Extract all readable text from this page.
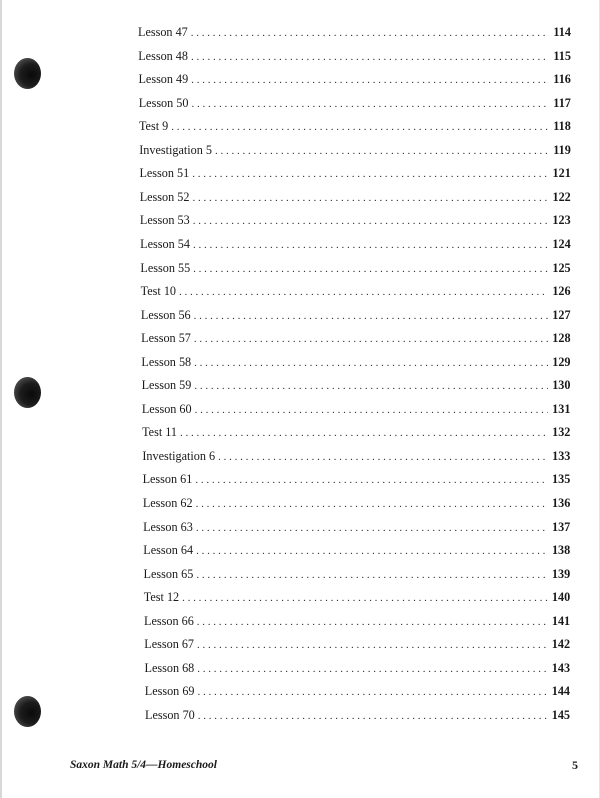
Lesson 47 . . .	114
Lesson 48 . . .	115
Lesson 49 . . .	116
Lesson 50 . . .	117
Test 9 . . .	118
Investigation 5 . . .	119
Lesson 51 . . .	121
Lesson 52 . . .	122
Lesson 53 . . .	123
Lesson 54 . . .	124
Lesson 55 . . .	125
Test 10 . . .	126
Lesson 56 . . .	127
Lesson 57 . . .	128
Lesson 58 . . .	129
Lesson 59 . . .	130
Lesson 60 . . .	131
Test 11 . . .	132
Investigation 6 . . .	133
Lesson 61 . . .	135
Lesson 62 . . .	136
Lesson 63 . . .	137
Lesson 64 . . .	138
Lesson 65 . . .	139
Test 12 . . .	140
Lesson 66 . . .	141
Lesson 67 . . .	142
Lesson 68 . . .	143
Lesson 69 . . .	144
Lesson 70 . . .	145
Saxon Math 5/4—Homeschool	5
